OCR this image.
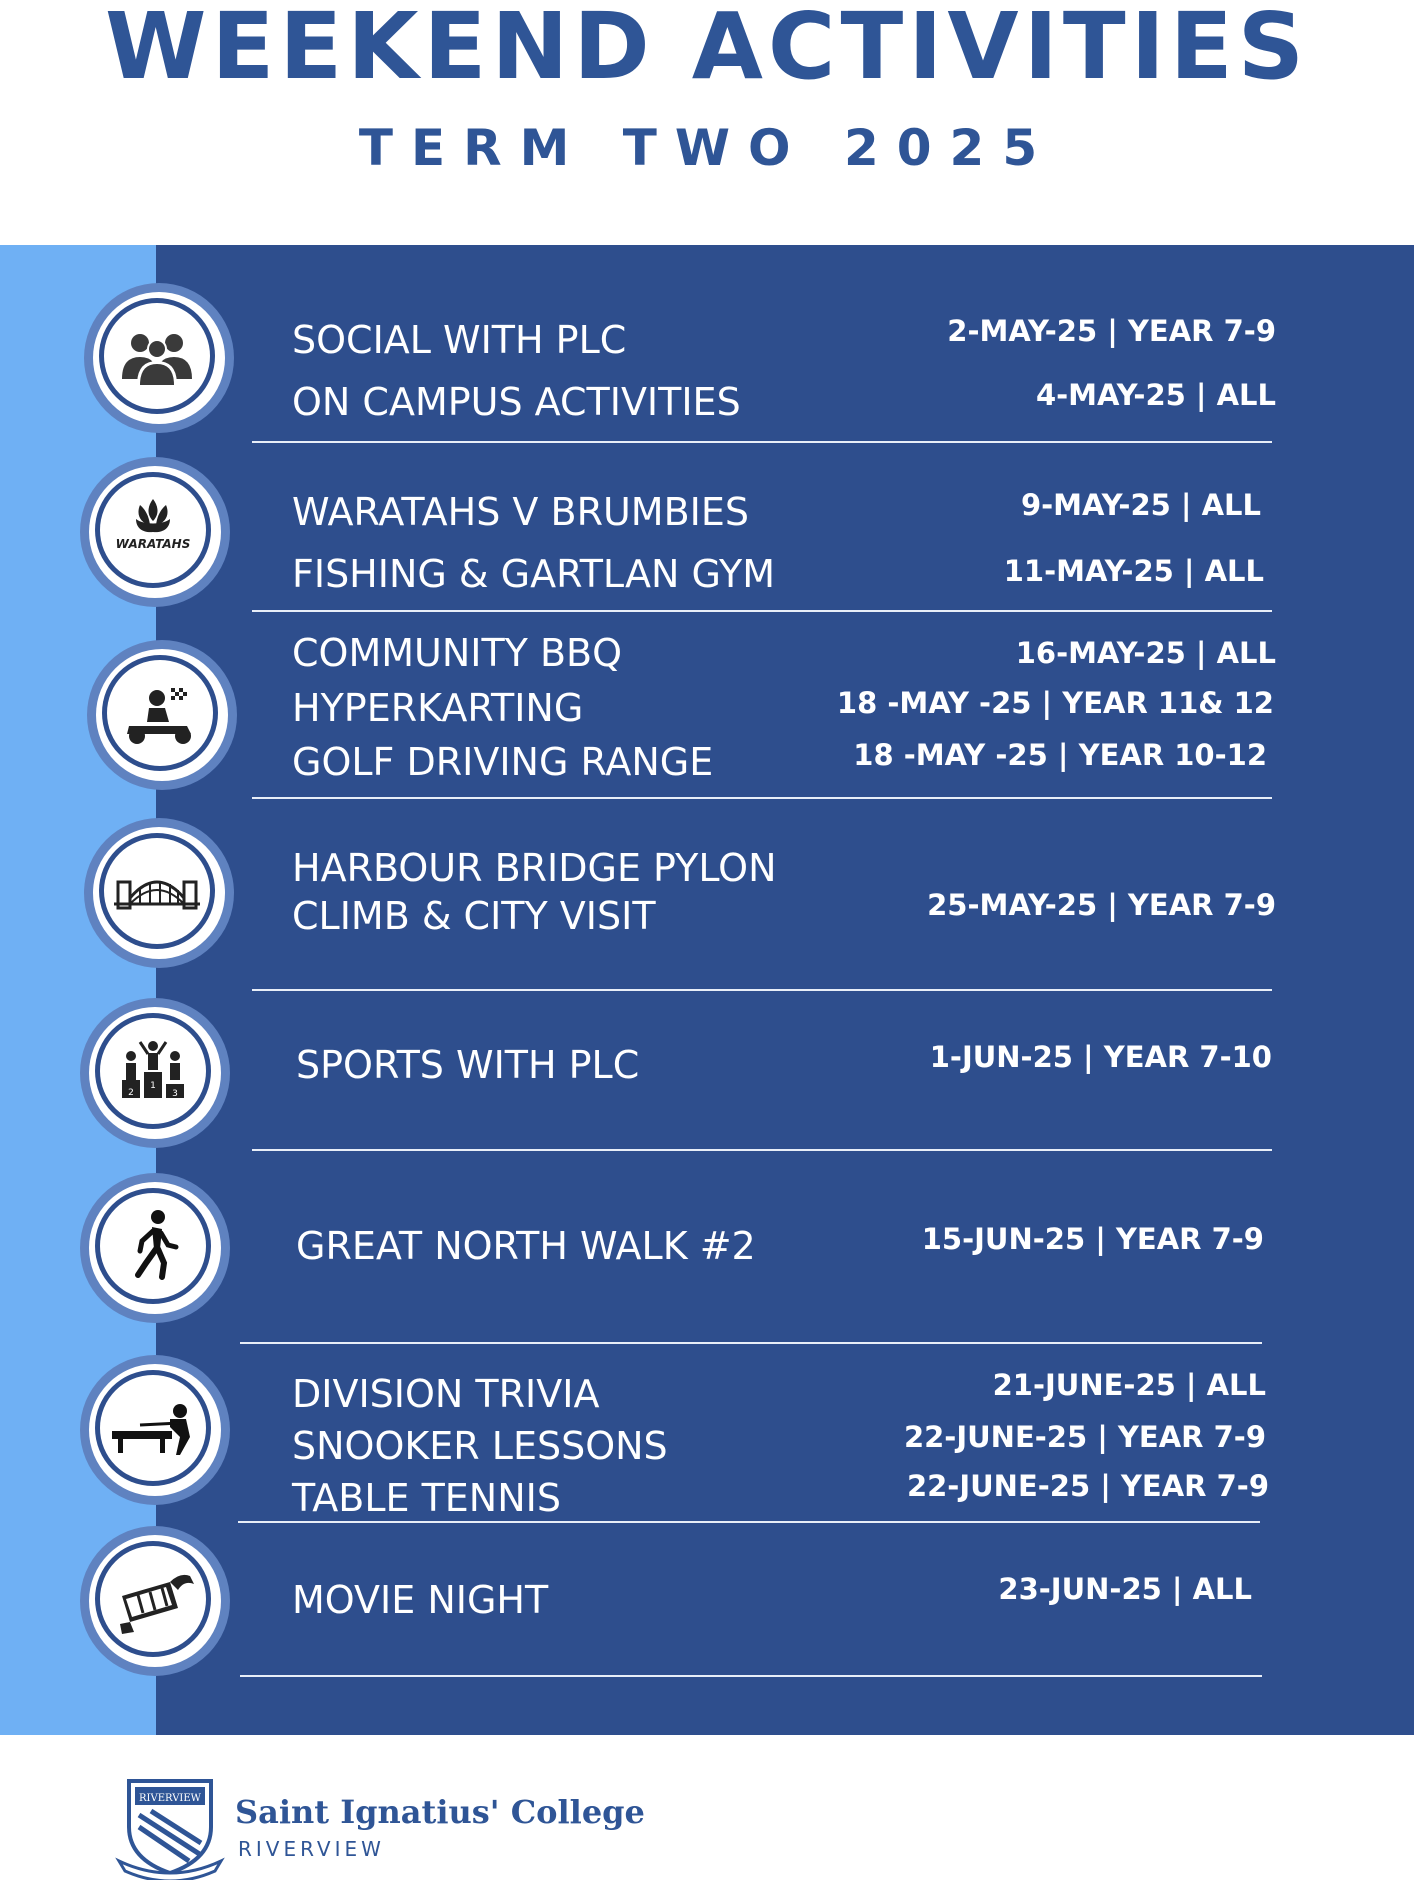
WEEKEND ACTIVITIES
TERM TWO 2025
SOCIAL WITH PLC	2-MAY-25 | YEAR 7-9
ON CAMPUS ACTIVITIES	4-MAY-25 | ALL
WARATAHS
WARATAHS V BRUMBIES	9-MAY-25 | ALL
FISHING & GARTLAN GYM	11-MAY-25 | ALL
COMMUNITY BBQ	16-MAY-25 | ALL
HYPERKARTING	18 -MAY -25 | YEAR 11& 12
GOLF DRIVING RANGE	18 -MAY -25 | YEAR 10-12
HARBOUR BRIDGE PYLON
CLIMB & CITY VISIT	25-MAY-25 | YEAR 7-9
2
1
3
SPORTS WITH PLC	1-JUN-25 | YEAR 7-10
GREAT NORTH WALK #2	15-JUN-25 | YEAR 7-9
DIVISION TRIVIA	21-JUNE-25 | ALL
SNOOKER LESSONS	22-JUNE-25 | YEAR 7-9
TABLE TENNIS	22-JUNE-25 | YEAR 7-9
MOVIE NIGHT	23-JUN-25 | ALL
RIVERVIEW Saint Ignatius' College
RIVERVIEW
